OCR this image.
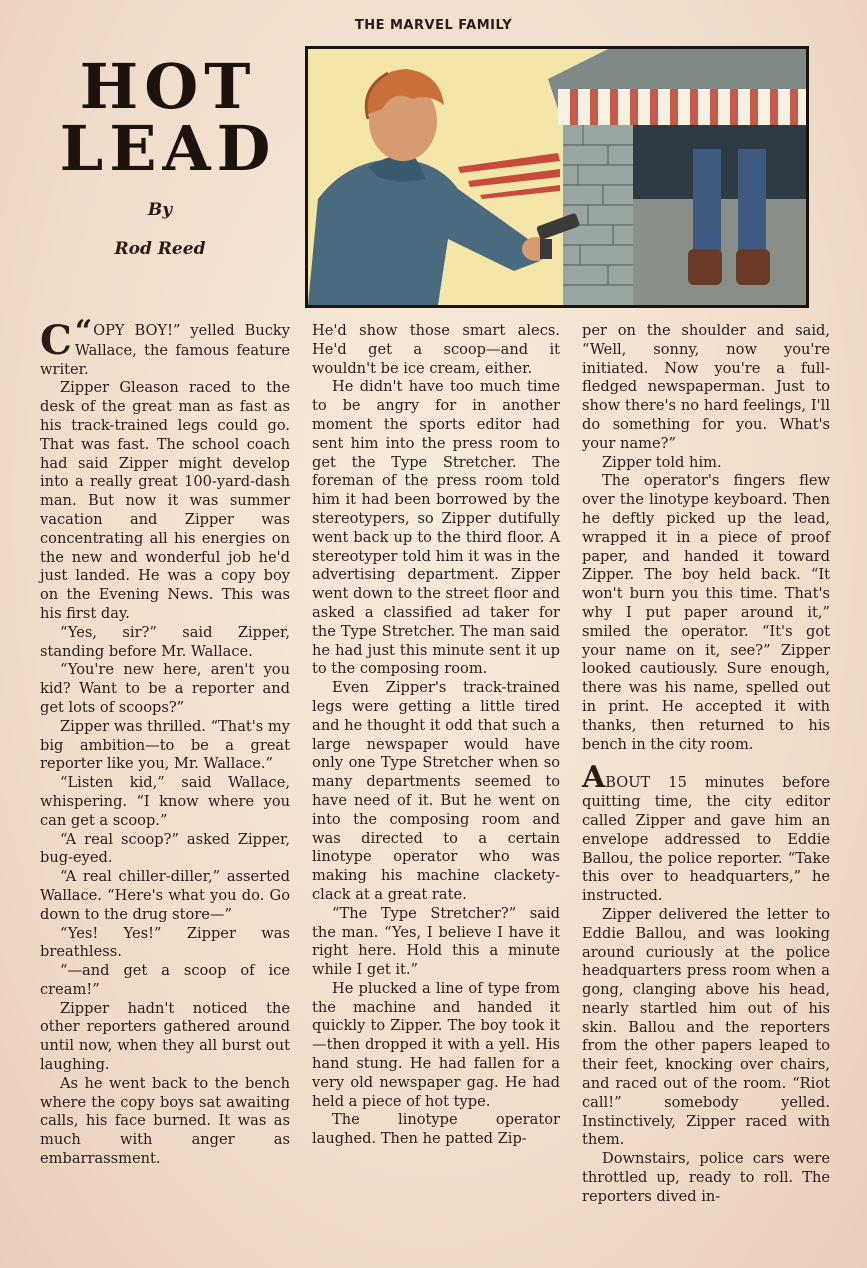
THE MARVEL FAMILY
HOT
LEAD
By
Rod Reed

“
C OPY BOY!” yelled Bucky Wallace, the famous feature writer.

Zipper Gleason raced to the desk of the great man as fast as his track-trained legs could go. That was fast. The school coach had said Zipper might develop into a really great 100-yard-dash man. But now it was summer vacation and Zipper was concentrating all his energies on the new and wonderful job he'd just landed. He was a copy boy on the Evening News. This was his first day.

“Yes, sir?” said Zipper, standing before Mr. Wallace.

“You're new here, aren't you kid? Want to be a reporter and get lots of scoops?”

Zipper was thrilled. “That's my big ambition—to be a great reporter like you, Mr. Wallace.”

“Listen kid,” said Wallace, whispering. “I know where you can get a scoop.”

“A real scoop?” asked Zipper, bug-eyed.

“A real chiller-diller,” asserted Wallace. “Here's what you do. Go down to the drug store—”

“Yes! Yes!” Zipper was breathless.

“—and get a scoop of ice cream!”

Zipper hadn't noticed the other reporters gathered around until now, when they all burst out laughing.

As he went back to the bench where the copy boys sat awaiting calls, his face burned. It was as much with anger as embarrassment.

He'd show those smart alecs. He'd get a scoop—and it wouldn't be ice cream, either.

He didn't have too much time to be angry for in another moment the sports editor had sent him into the press room to get the Type Stretcher. The foreman of the press room told him it had been borrowed by the stereotypers, so Zipper dutifully went back up to the third floor. A stereotyper told him it was in the advertising department. Zipper went down to the street floor and asked a classified ad taker for the Type Stretcher. The man said he had just this minute sent it up to the composing room.

Even Zipper's track-trained legs were getting a little tired and he thought it odd that such a large newspaper would have only one Type Stretcher when so many departments seemed to have need of it. But he went on into the composing room and was directed to a certain linotype operator who was making his machine clackety-clack at a great rate.

“The Type Stretcher?” said the man. “Yes, I believe I have it right here. Hold this a minute while I get it.”

He plucked a line of type from the machine and handed it quickly to Zipper. The boy took it—then dropped it with a yell. His hand stung. He had fallen for a very old newspaper gag. He had held a piece of hot type.

The linotype operator laughed. Then he patted Zip-

per on the shoulder and said, “Well, sonny, now you're initiated. Now you're a full-fledged newspaperman. Just to show there's no hard feelings, I'll do something for you. What's your name?”

Zipper told him.

The operator's fingers flew over the linotype keyboard. Then he deftly picked up the lead, wrapped it in a piece of proof paper, and handed it toward Zipper. The boy held back. “It won't burn you this time. That's why I put paper around it,” smiled the operator. “It's got your name on it, see?” Zipper looked cautiously. Sure enough, there was his name, spelled out in print. He accepted it with thanks, then returned to his bench in the city room.

ABOUT 15 minutes before quitting time, the city editor called Zipper and gave him an envelope addressed to Eddie Ballou, the police reporter. “Take this over to headquarters,” he instructed.

Zipper delivered the letter to Eddie Ballou, and was looking around curiously at the police headquarters press room when a gong, clanging above his head, nearly startled him out of his skin. Ballou and the reporters from the other papers leaped to their feet, knocking over chairs, and raced out of the room. “Riot call!” somebody yelled. Instinctively, Zipper raced with them.

Downstairs, police cars were throttled up, ready to roll. The reporters dived in-
